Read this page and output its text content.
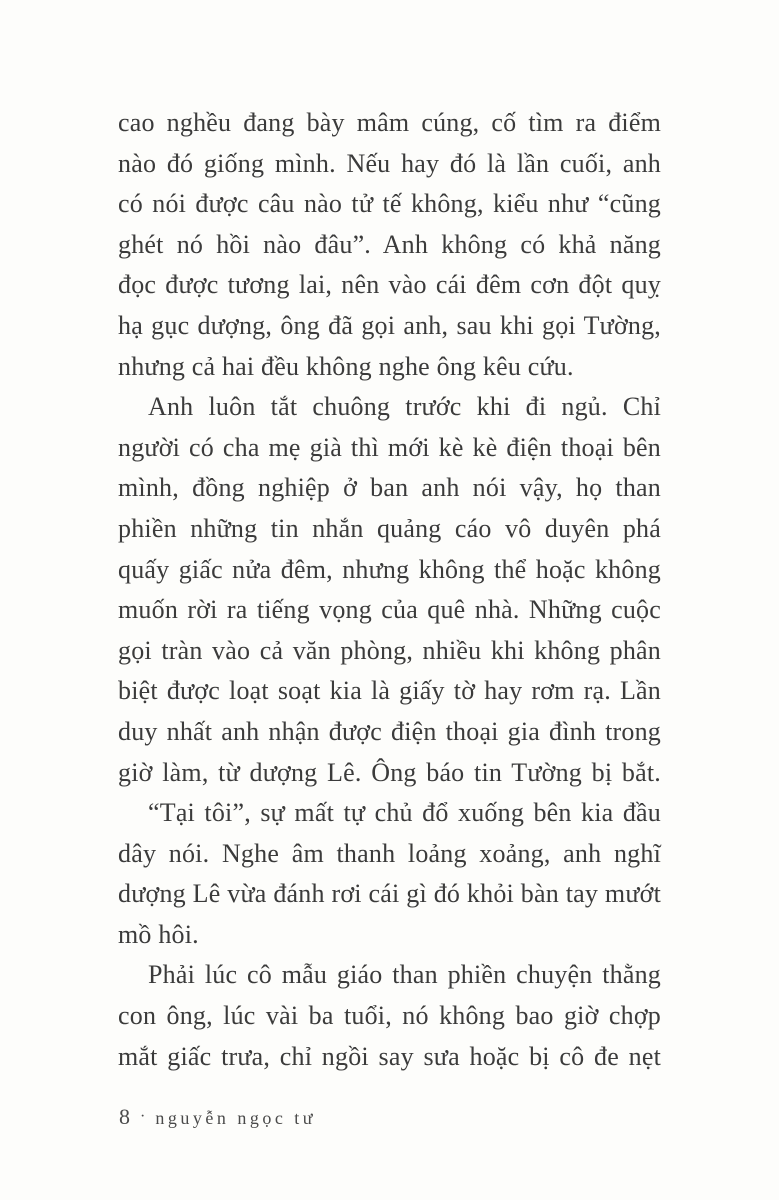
cao nghều đang bày mâm cúng, cố tìm ra điểm
nào đó giống mình. Nếu hay đó là lần cuối, anh
có nói được câu nào tử tế không, kiểu như “cũng
ghét nó hồi nào đâu”. Anh không có khả năng
đọc được tương lai, nên vào cái đêm cơn đột quỵ
hạ gục dượng, ông đã gọi anh, sau khi gọi Tường,
nhưng cả hai đều không nghe ông kêu cứu.
Anh luôn tắt chuông trước khi đi ngủ. Chỉ
người có cha mẹ già thì mới kè kè điện thoại bên
mình, đồng nghiệp ở ban anh nói vậy, họ than
phiền những tin nhắn quảng cáo vô duyên phá
quấy giấc nửa đêm, nhưng không thể hoặc không
muốn rời ra tiếng vọng của quê nhà. Những cuộc
gọi tràn vào cả văn phòng, nhiều khi không phân
biệt được loạt soạt kia là giấy tờ hay rơm rạ. Lần
duy nhất anh nhận được điện thoại gia đình trong
giờ làm, từ dượng Lê. Ông báo tin Tường bị bắt.
“Tại tôi”, sự mất tự chủ đổ xuống bên kia đầu
dây nói. Nghe âm thanh loảng xoảng, anh nghĩ
dượng Lê vừa đánh rơi cái gì đó khỏi bàn tay mướt
mồ hôi.
Phải lúc cô mẫu giáo than phiền chuyện thằng
con ông, lúc vài ba tuổi, nó không bao giờ chợp
mắt giấc trưa, chỉ ngồi say sưa hoặc bị cô đe nẹt
8 · nguyễn ngọc tư
